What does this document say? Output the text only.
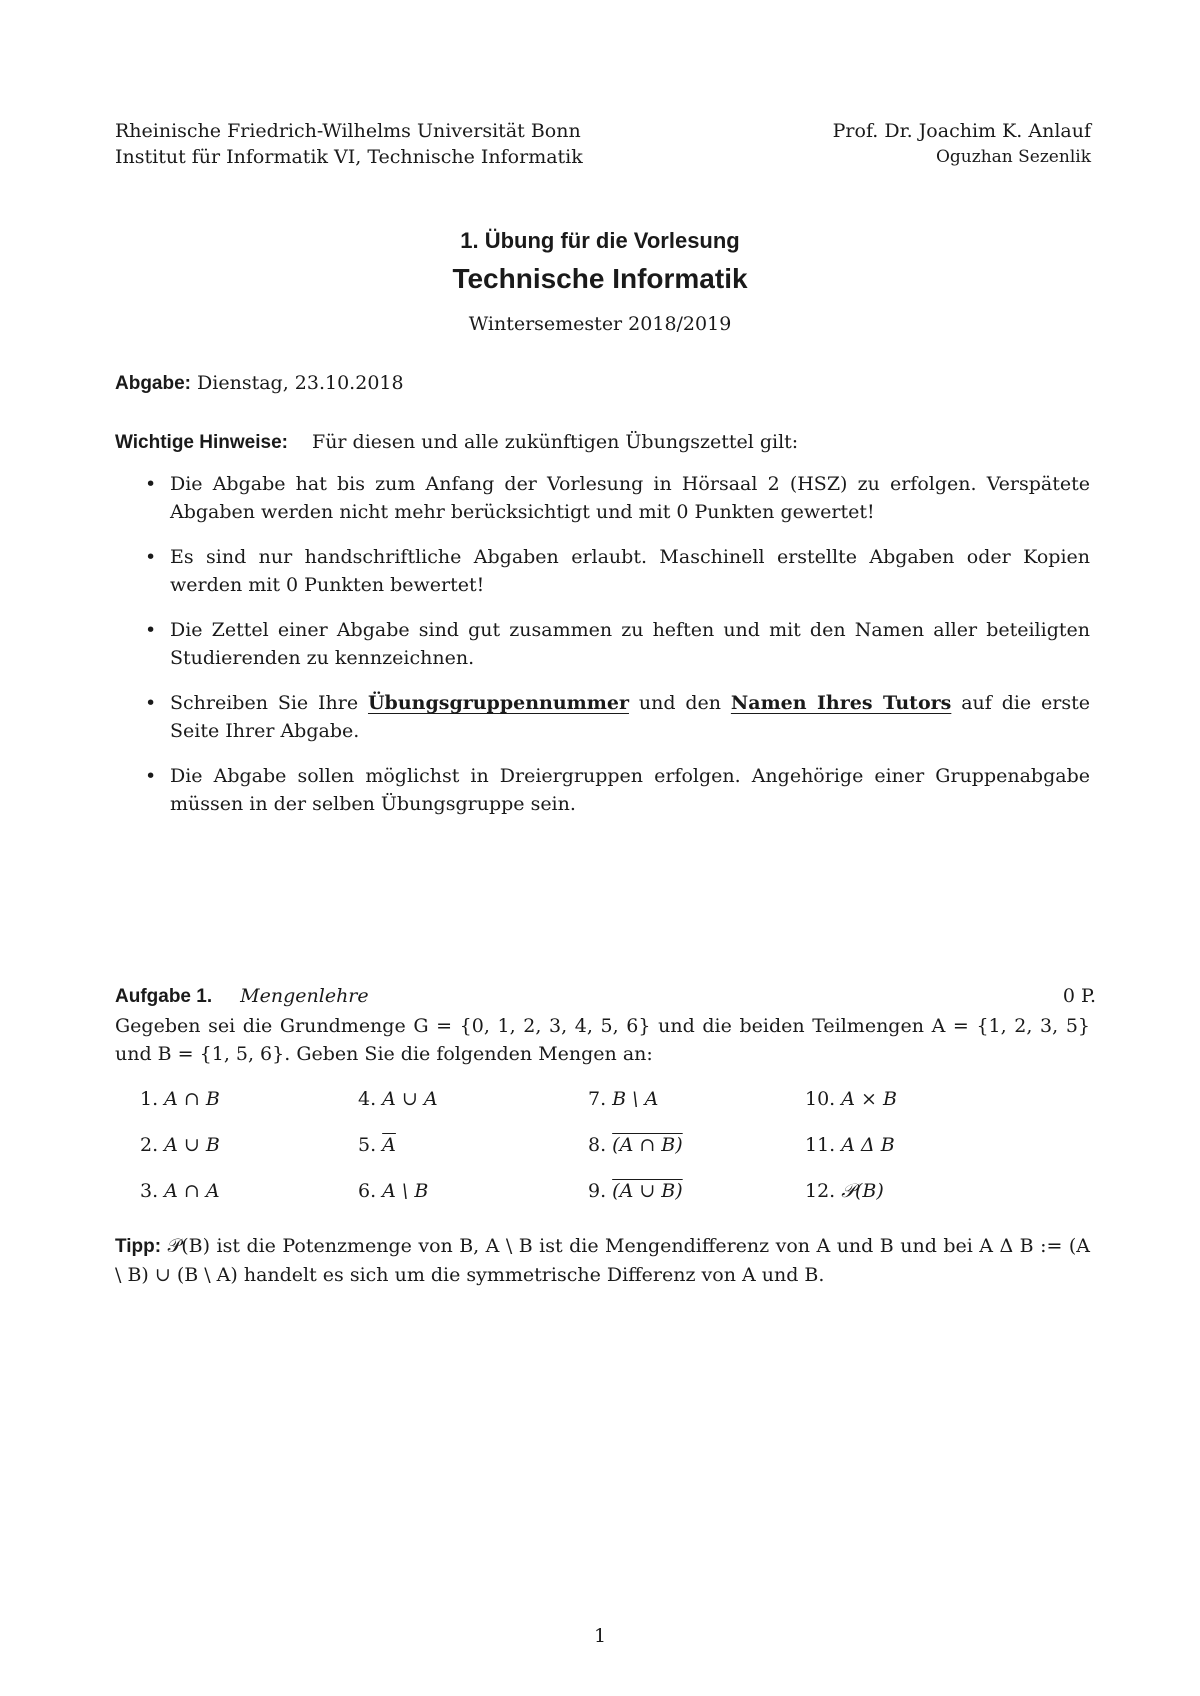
Rheinische Friedrich-Wilhelms Universität Bonn
Institut für Informatik VI, Technische Informatik
Prof. Dr. Joachim K. Anlauf
Oguzhan Sezenlik
1. Übung für die Vorlesung
Technische Informatik
Wintersemester 2018/2019
Abgabe: Dienstag, 23.10.2018
Wichtige Hinweise: Für diesen und alle zukünftigen Übungszettel gilt:
• Die Abgabe hat bis zum Anfang der Vorlesung in Hörsaal 2 (HSZ) zu erfolgen. Verspätete Abgaben werden nicht mehr berücksichtigt und mit 0 Punkten gewertet!
• Es sind nur handschriftliche Abgaben erlaubt. Maschinell erstellte Abgaben oder Kopien werden mit 0 Punkten bewertet!
• Die Zettel einer Abgabe sind gut zusammen zu heften und mit den Namen aller beteiligten Studierenden zu kennzeichnen.
• Schreiben Sie Ihre Übungsgruppennummer und den Namen Ihres Tutors auf die erste Seite Ihrer Abgabe.
• Die Abgabe sollen möglichst in Dreiergruppen erfolgen. Angehörige einer Gruppenabgabe müssen in der selben Übungsgruppe sein.
Aufgabe 1. Mengenlehre	0 P.
Gegeben sei die Grundmenge G = {0, 1, 2, 3, 4, 5, 6} und die beiden Teilmengen A = {1, 2, 3, 5} und B = {1, 5, 6}. Geben Sie die folgenden Mengen an:
1. A ∩ B	4. A ∪ A	7. B \ A	10. A × B
2. A ∪ B	5. $\overline{A}$	8. (A ∩ B)	11. A Δ B
3. A ∩ A	6. A \ B	9. (A ∪ B)	12. 𝒫(B)
Tipp: 𝒫(B) ist die Potenzmenge von B, A \ B ist die Mengendifferenz von A und B und bei A Δ B := (A \ B) ∪ (B \ A) handelt es sich um die symmetrische Differenz von A und B.
1
